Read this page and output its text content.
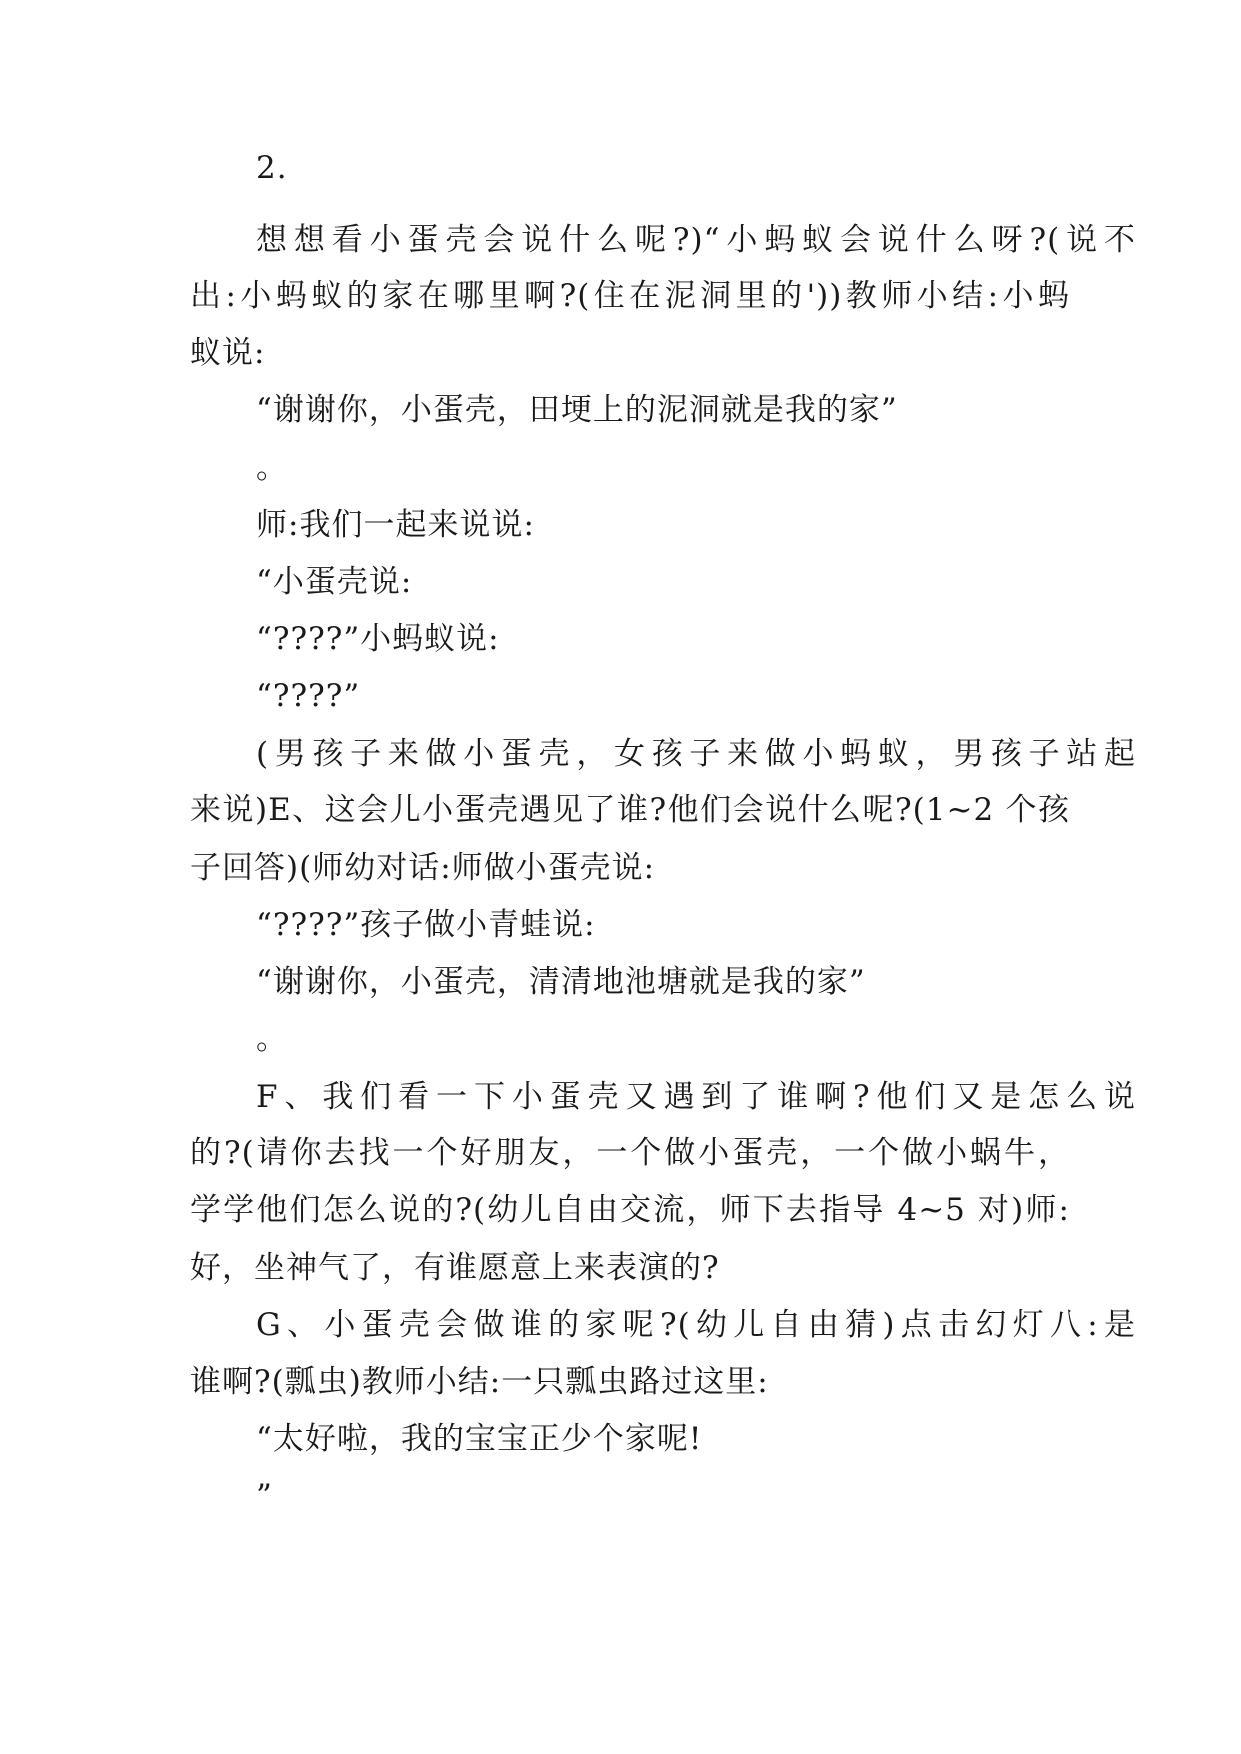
2.
想想看小蛋壳会说什么呢?)“小蚂蚁会说什么呀?(说不
出:小蚂蚁的家在哪里啊?(住在泥洞里的'))教师小结:小蚂
蚁说:
“谢谢你，小蛋壳，田埂上的泥洞就是我的家”
。
师:我们一起来说说:
“小蛋壳说:
“????”小蚂蚁说:
“????”
(男孩子来做小蛋壳，女孩子来做小蚂蚁，男孩子站起
来说)E、这会儿小蛋壳遇见了谁?他们会说什么呢?(1~2 个孩
子回答)(师幼对话:师做小蛋壳说:
“????”孩子做小青蛙说:
“谢谢你，小蛋壳，清清地池塘就是我的家”
。
F、我们看一下小蛋壳又遇到了谁啊?他们又是怎么说
的?(请你去找一个好朋友，一个做小蛋壳，一个做小蜗牛，
学学他们怎么说的?(幼儿自由交流，师下去指导 4~5 对)师:
好，坐神气了，有谁愿意上来表演的?
G、小蛋壳会做谁的家呢?(幼儿自由猜)点击幻灯八:是
谁啊?(瓢虫)教师小结:一只瓢虫路过这里:
“太好啦，我的宝宝正少个家呢!
”
